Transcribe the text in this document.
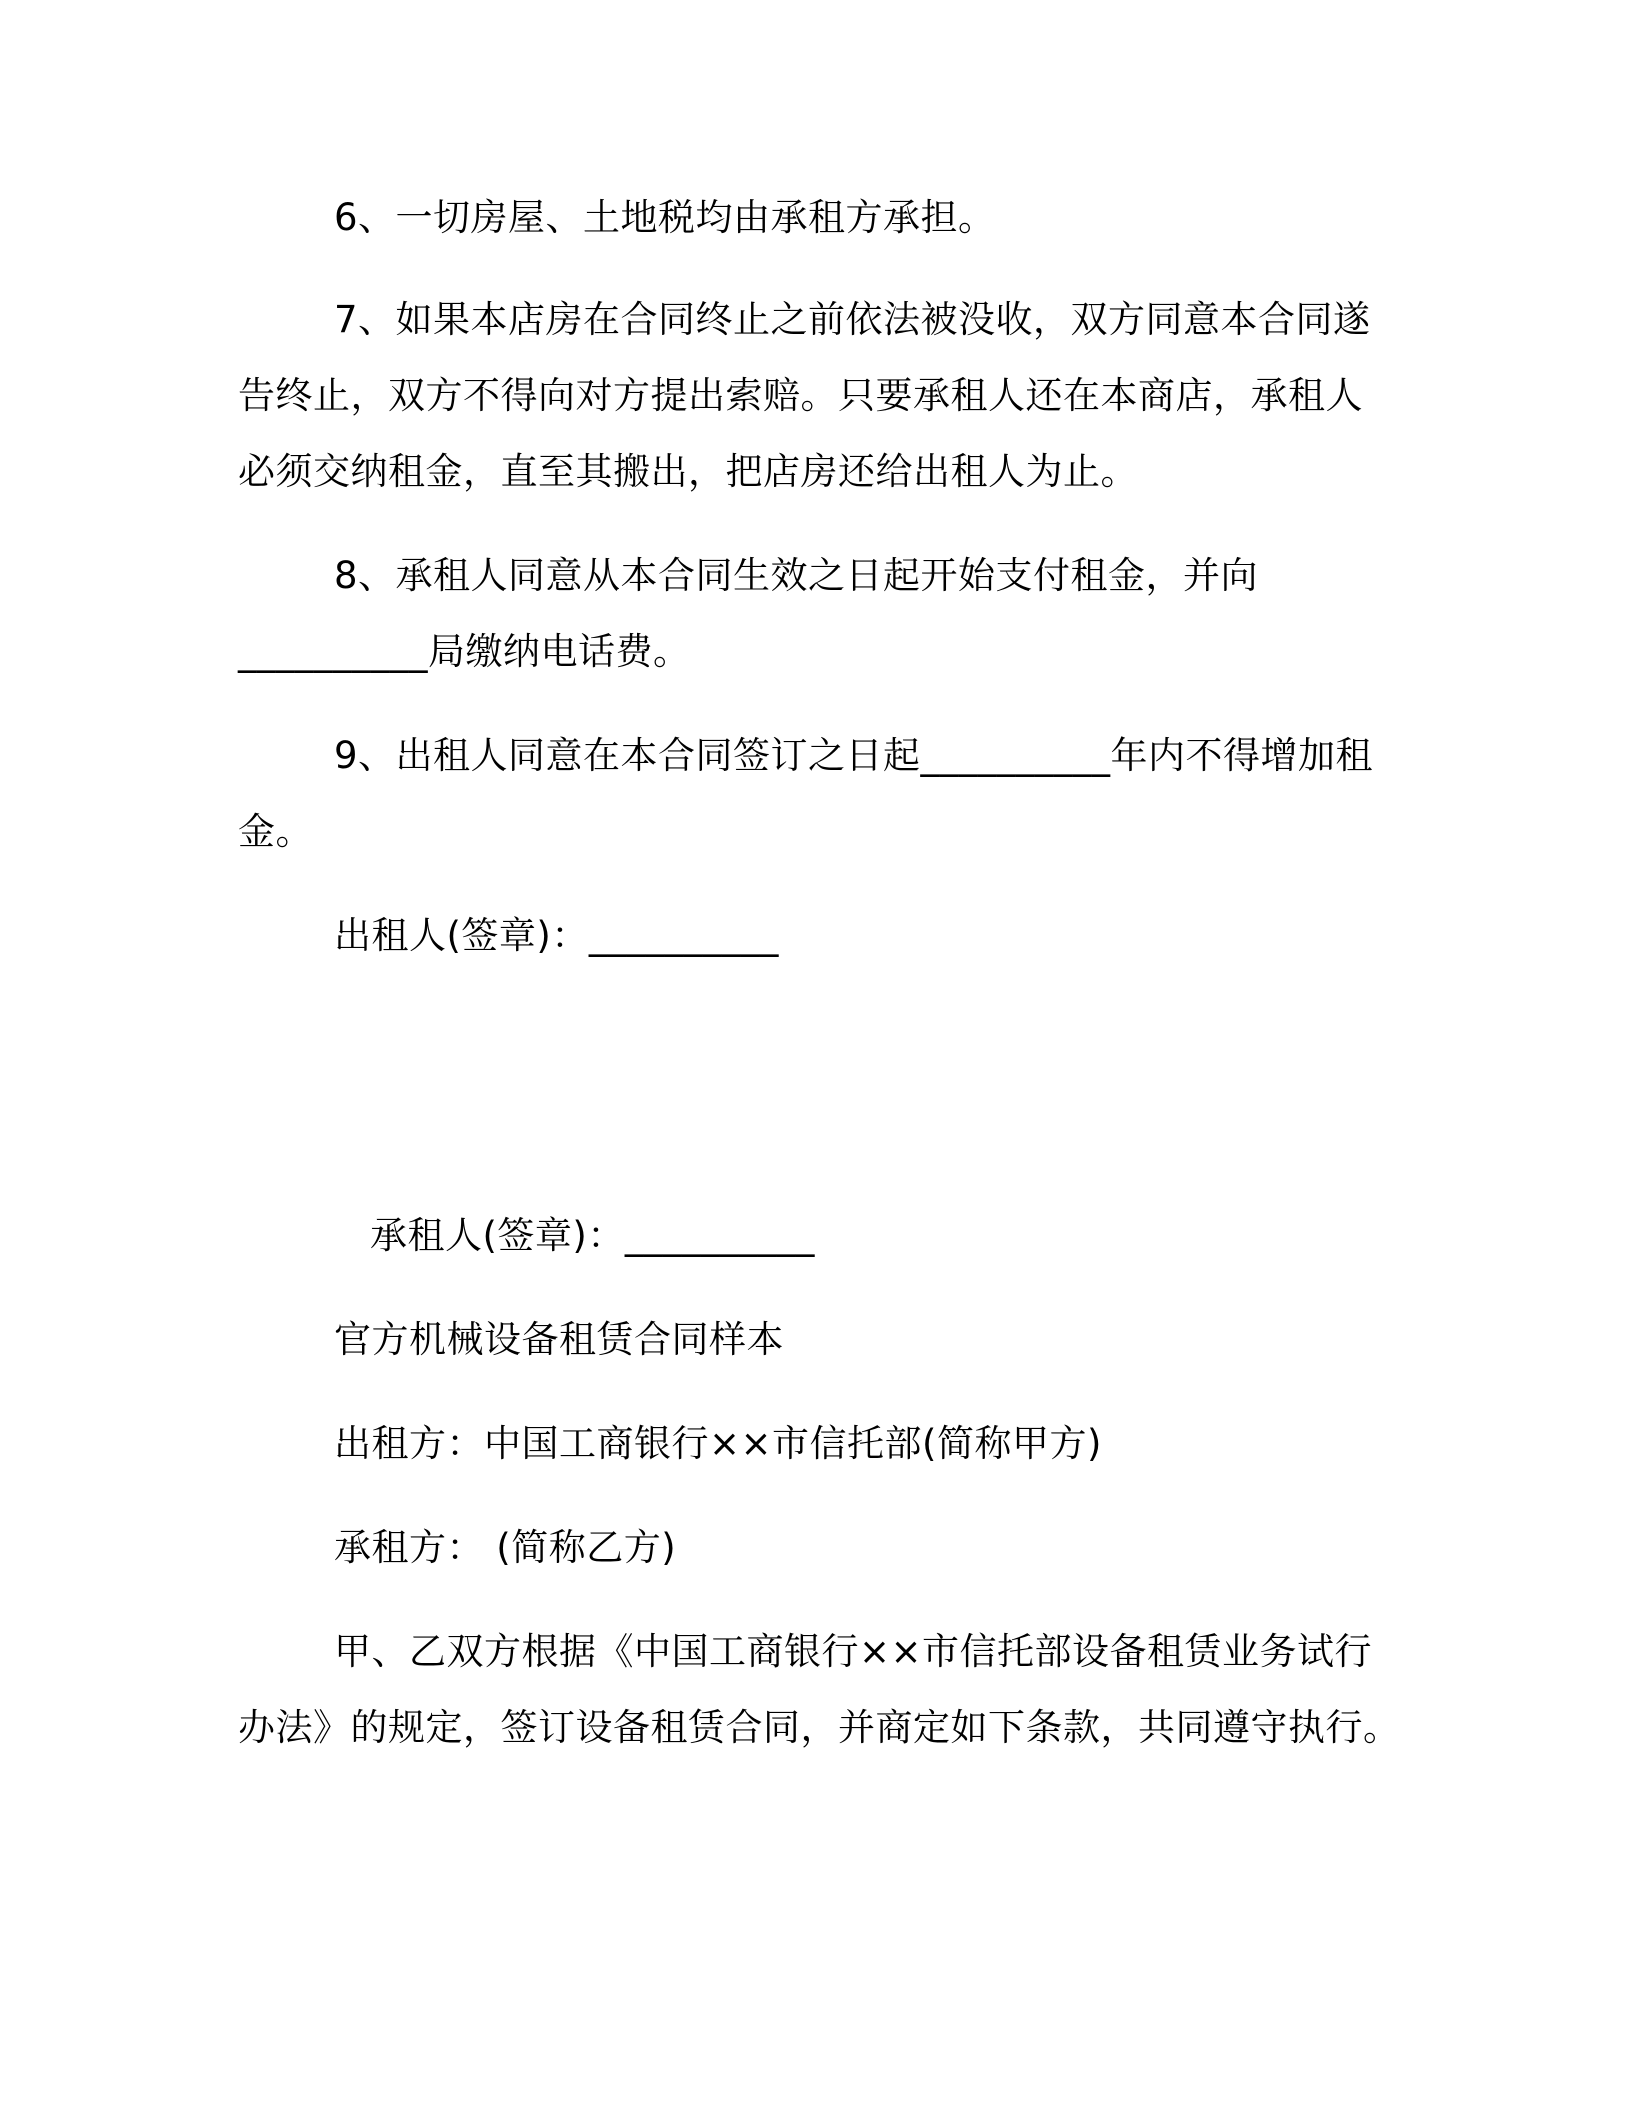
6、一切房屋、土地税均由承租方承担。
7、如果本店房在合同终止之前依法被没收，双方同意本合同遂
告终止，双方不得向对方提出索赔。只要承租人还在本商店，承租人
必须交纳租金，直至其搬出，把店房还给出租人为止。
8、承租人同意从本合同生效之日起开始支付租金，并向
__________局缴纳电话费。
9、出租人同意在本合同签订之日起__________年内不得增加租
金。
出租人(签章)：__________
承租人(签章)：__________
官方机械设备租赁合同样本
出租方：中国工商银行××市信托部(简称甲方)
承租方： (简称乙方)
甲、乙双方根据《中国工商银行××市信托部设备租赁业务试行
办法》的规定，签订设备租赁合同，并商定如下条款，共同遵守执行。
